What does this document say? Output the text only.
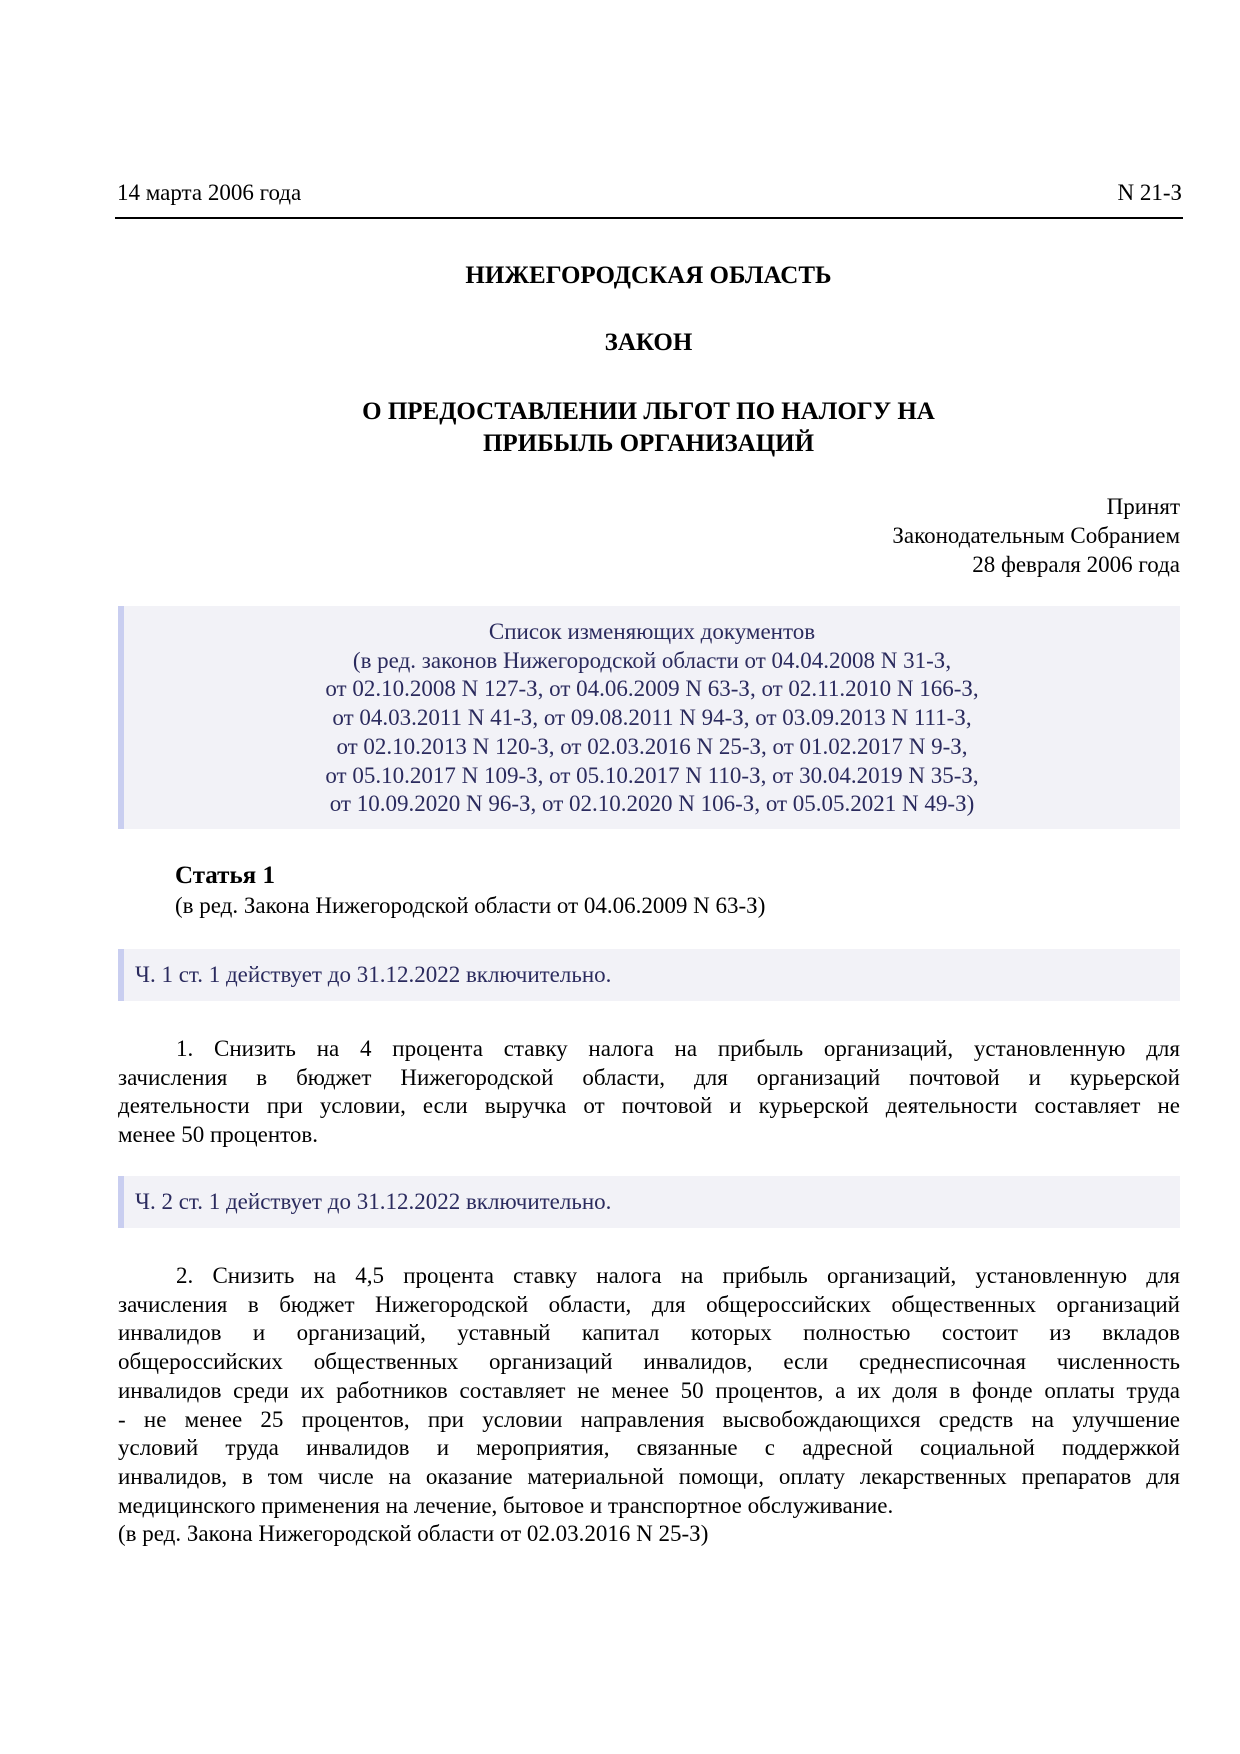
14 марта 2006 года	N 21-З
НИЖЕГОРОДСКАЯ ОБЛАСТЬ
ЗАКОН
О ПРЕДОСТАВЛЕНИИ ЛЬГОТ ПО НАЛОГУ НА
ПРИБЫЛЬ ОРГАНИЗАЦИЙ
Принят
Законодательным Собранием
28 февраля 2006 года
Список изменяющих документов
(в ред. законов Нижегородской области от 04.04.2008 N 31-З,
от 02.10.2008 N 127-З, от 04.06.2009 N 63-З, от 02.11.2010 N 166-З,
от 04.03.2011 N 41-З, от 09.08.2011 N 94-З, от 03.09.2013 N 111-З,
от 02.10.2013 N 120-З, от 02.03.2016 N 25-З, от 01.02.2017 N 9-З,
от 05.10.2017 N 109-З, от 05.10.2017 N 110-З, от 30.04.2019 N 35-З,
от 10.09.2020 N 96-З, от 02.10.2020 N 106-З, от 05.05.2021 N 49-З)
Статья 1
(в ред. Закона Нижегородской области от 04.06.2009 N 63-З)
Ч. 1 ст. 1 действует до 31.12.2022 включительно.
1. Снизить на 4 процента ставку налога на прибыль организаций, установленную для
зачисления в бюджет Нижегородской области, для организаций почтовой и курьерской
деятельности при условии, если выручка от почтовой и курьерской деятельности составляет не
менее 50 процентов.
Ч. 2 ст. 1 действует до 31.12.2022 включительно.
2. Снизить на 4,5 процента ставку налога на прибыль организаций, установленную для
зачисления в бюджет Нижегородской области, для общероссийских общественных организаций
инвалидов и организаций, уставный капитал которых полностью состоит из вкладов
общероссийских общественных организаций инвалидов, если среднесписочная численность
инвалидов среди их работников составляет не менее 50 процентов, а их доля в фонде оплаты труда
- не менее 25 процентов, при условии направления высвобождающихся средств на улучшение
условий труда инвалидов и мероприятия, связанные с адресной социальной поддержкой
инвалидов, в том числе на оказание материальной помощи, оплату лекарственных препаратов для
медицинского применения на лечение, бытовое и транспортное обслуживание.
(в ред. Закона Нижегородской области от 02.03.2016 N 25-З)
